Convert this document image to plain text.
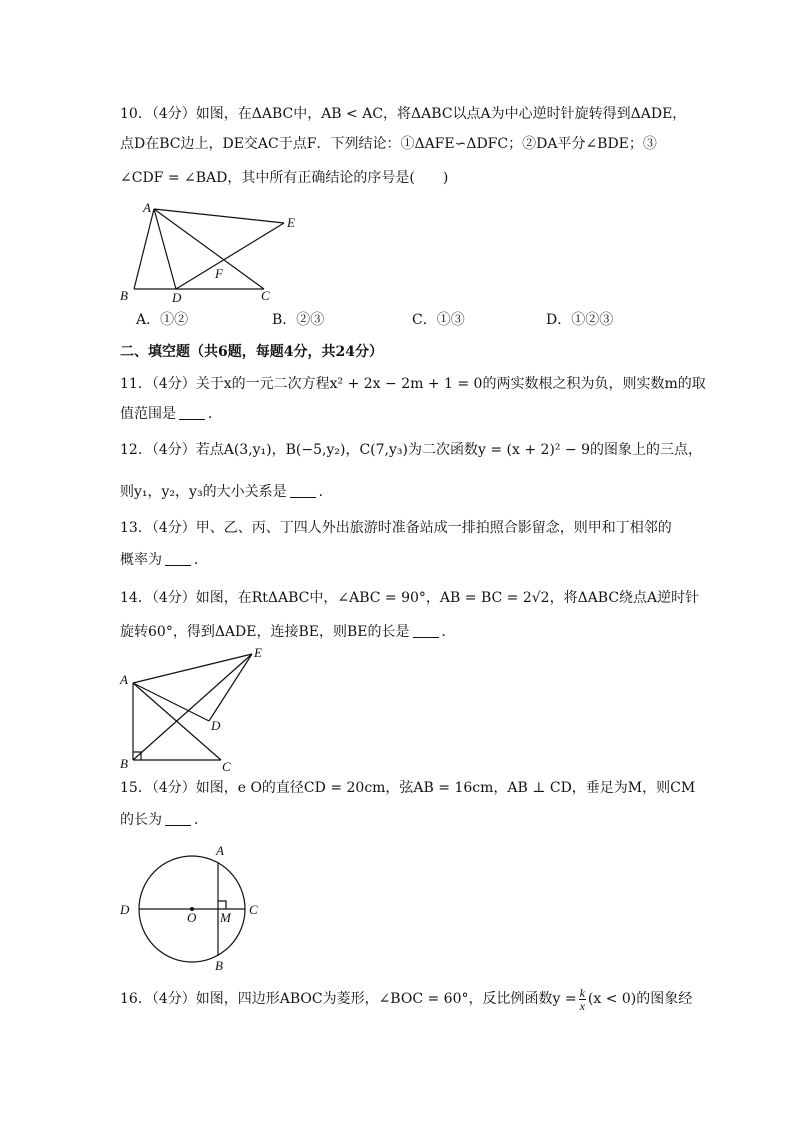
10．（4分）如图，在ΔABC中，AB < AC，将ΔABC以点A为中心逆时针旋转得到ΔADE，
点D在BC边上，DE交AC于点F．下列结论：①ΔAFE∽ΔDFC；②DA平分∠BDE；③
∠CDF = ∠BAD，其中所有正确结论的序号是(　　)
A
E
F
B	D	C
A．①②	B．②③	C．①③	D．①②③
二、填空题（共6题，每题4分，共24分）
11．（4分）关于x的一元二次方程x² + 2x − 2m + 1 = 0的两实数根之积为负，则实数m的取
值范围是 ．
12．（4分）若点A(3,y₁)，B(−5,y₂)，C(7,y₃)为二次函数y = (x + 2)² − 9的图象上的三点，
则y₁，y₂，y₃的大小关系是 ．
13．（4分）甲、乙、丙、丁四人外出旅游时准备站成一排拍照合影留念，则甲和丁相邻的
概率为 ．
14．（4分）如图，在RtΔABC中，∠ABC = 90°，AB = BC = 2√2，将ΔABC绕点A逆时针
旋转60°，得到ΔADE，连接BE，则BE的长是 ．
A
E
D
B	C
15．（4分）如图，e O的直径CD = 20cm，弦AB = 16cm，AB ⊥ CD，垂足为M，则CM
的长为 ．
A
D
O M
C
B
16．（4分）如图，四边形ABOC为菱形，∠BOC = 60°，反比例函数$y = \frac{k}{x} (x < 0)$的图象经
